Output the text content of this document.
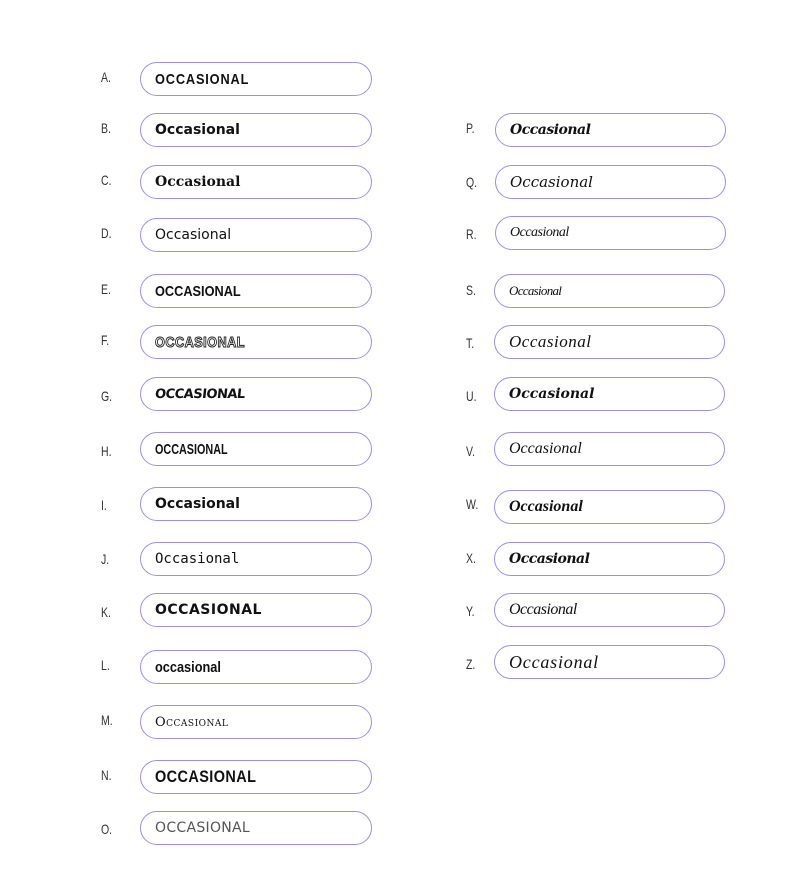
A.	OCCASIONAL
B.	Occasional
C.	Occasional
D.	Occasional
E.	OCCASIONAL
F.	OCCASIONAL
G.	OCCASIONAL
H.	OCCASIONAL
I.	Occasional
J.	Occasional
K.	OCCASIONAL
L.	occasional
M.	Occasional
N.	OCCASIONAL
O.	OCCASIONAL
P.	Occasional
Q. Occasional
R. Occasional
S.	Occasional
T. Occasional
U. Occasional
V. Occasional
W. Occasional
X. Occasional
Y. Occasional
Z. Occasional
